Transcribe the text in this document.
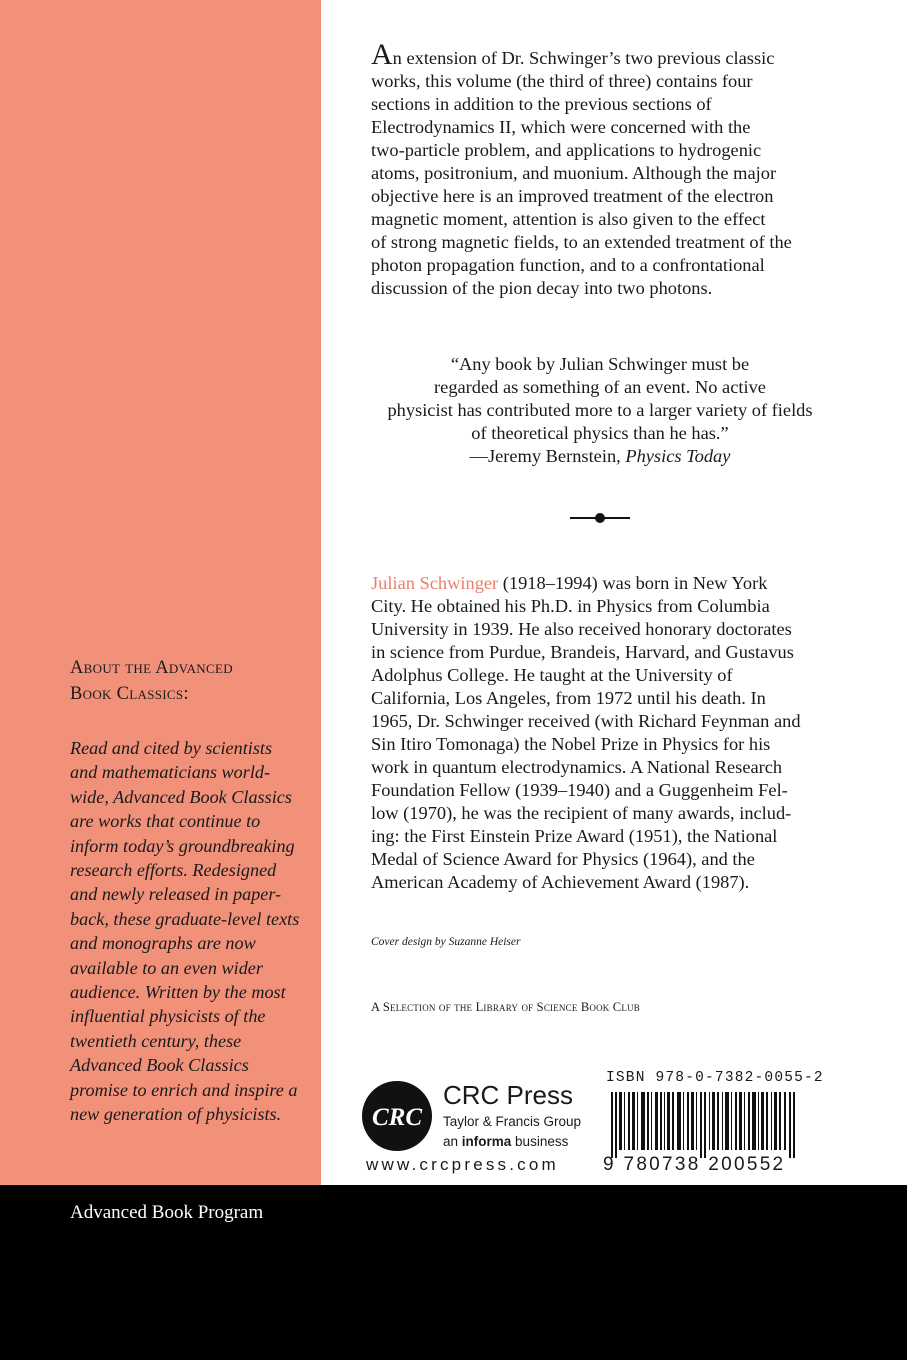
About the Advanced
Book Classics:

Read and cited by scientists
and mathematicians world-
wide, Advanced Book Classics
are works that continue to
inform today’s groundbreaking
research efforts. Redesigned
and newly released in paper-
back, these graduate-level texts
and monographs are now
available to an even wider
audience. Written by the most
influential physicists of the
twentieth century, these
Advanced Book Classics
promise to enrich and inspire a
new generation of physicists.

An extension of Dr. Schwinger’s two previous classic
works, this volume (the third of three) contains four
sections in addition to the previous sections of
Electrodynamics II, which were concerned with the
two-particle problem, and applications to hydrogenic
atoms, positronium, and muonium. Although the major
objective here is an improved treatment of the electron
magnetic moment, attention is also given to the effect
of strong magnetic fields, to an extended treatment of the
photon propagation function, and to a confrontational
discussion of the pion decay into two photons.

“Any book by Julian Schwinger must be

regarded as something of an event. No active

physicist has contributed more to a larger variety of fields

of theoretical physics than he has.”

—Jeremy Bernstein, Physics Today

Julian Schwinger (1918–1994) was born in New York
City. He obtained his Ph.D. in Physics from Columbia
University in 1939. He also received honorary doctorates
in science from Purdue, Brandeis, Harvard, and Gustavus
Adolphus College. He taught at the University of
California, Los Angeles, from 1972 until his death. In
1965, Dr. Schwinger received (with Richard Feynman and
Sin Itiro Tomonaga) the Nobel Prize in Physics for his
work in quantum electrodynamics. A National Research
Foundation Fellow (1939–1940) and a Guggenheim Fel-
low (1970), he was the recipient of many awards, includ-
ing: the First Einstein Prize Award (1951), the National
Medal of Science Award for Physics (1964), and the
American Academy of Achievement Award (1987).

Cover design by Suzanne Heiser
A Selection of the Library of Science Book Club
CRC
CRC Press
Taylor & Francis Group
an informa business
www.crcpress.com
ISBN 978-0-7382-0055-2
9 780738 200552
Advanced Book Program
